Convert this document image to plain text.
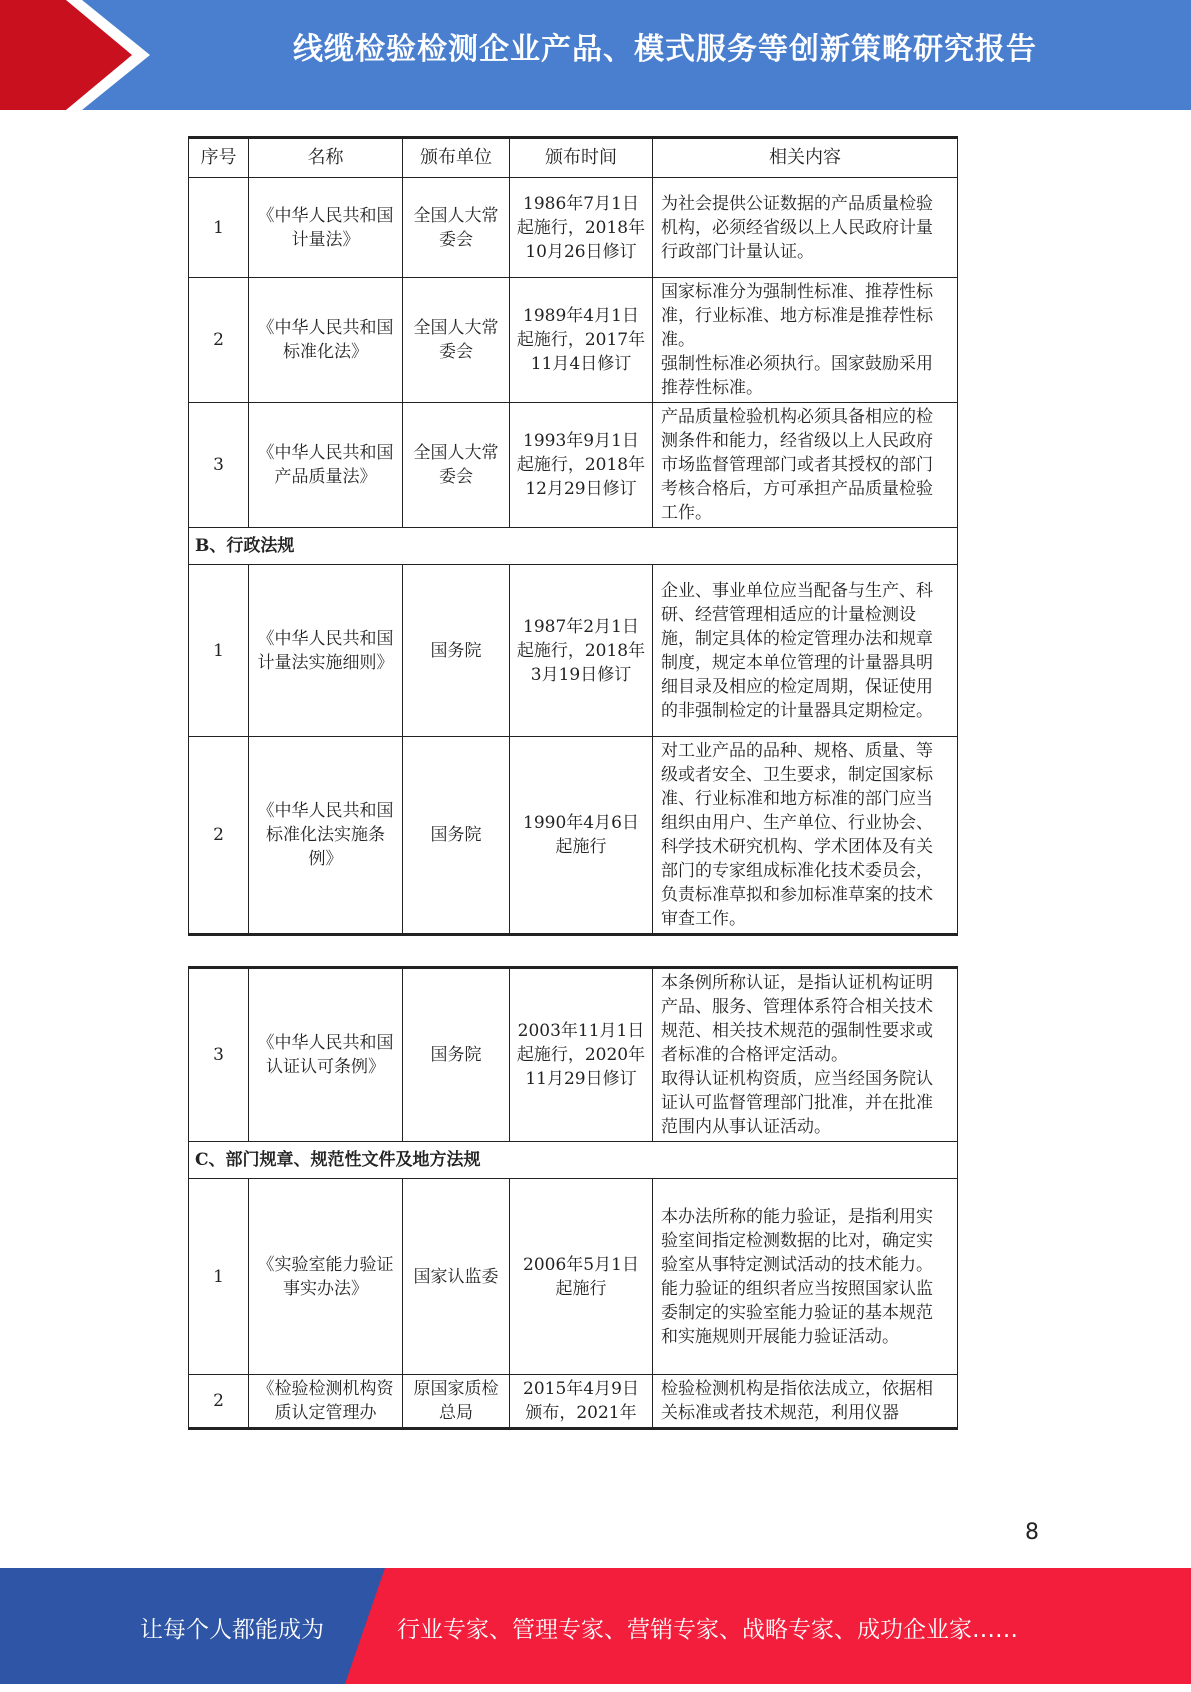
线缆检验检测企业产品、模式服务等创新策略研究报告
序号	名称	颁布单位	颁布时间	相关内容
1	《中华人民共和国计量法》	全国人大常委会	1986年7月1日起施行，2018年10月26日修订	为社会提供公证数据的产品质量检验机构，必须经省级以上人民政府计量行政部门计量认证。
2	《中华人民共和国标准化法》	全国人大常委会	1989年4月1日起施行，2017年11月4日修订	国家标准分为强制性标准、推荐性标准，行业标准、地方标准是推荐性标准。
强制性标准必须执行。国家鼓励采用推荐性标准。
3	《中华人民共和国产品质量法》	全国人大常委会	1993年9月1日起施行，2018年12月29日修订	产品质量检验机构必须具备相应的检测条件和能力，经省级以上人民政府市场监督管理部门或者其授权的部门考核合格后，方可承担产品质量检验工作。
B、行政法规				
1	《中华人民共和国计量法实施细则》	国务院	1987年2月1日起施行，2018年3月19日修订	企业、事业单位应当配备与生产、科研、经营管理相适应的计量检测设施，制定具体的检定管理办法和规章制度，规定本单位管理的计量器具明细目录及相应的检定周期，保证使用的非强制检定的计量器具定期检定。
2	《中华人民共和国标准化法实施条例》	国务院	1990年4月6日起施行	对工业产品的品种、规格、质量、等级或者安全、卫生要求，制定国家标准、行业标准和地方标准的部门应当组织由用户、生产单位、行业协会、科学技术研究机构、学术团体及有关部门的专家组成标准化技术委员会，负责标准草拟和参加标准草案的技术审查工作。
3	《中华人民共和国认证认可条例》	国务院	2003年11月1日起施行，2020年11月29日修订	本条例所称认证，是指认证机构证明产品、服务、管理体系符合相关技术规范、相关技术规范的强制性要求或者标准的合格评定活动。
取得认证机构资质，应当经国务院认证认可监督管理部门批准，并在批准范围内从事认证活动。
C、部门规章、规范性文件及地方法规				
1	《实验室能力验证事实办法》	国家认监委	2006年5月1日起施行	本办法所称的能力验证，是指利用实验室间指定检测数据的比对，确定实验室从事特定测试活动的技术能力。
能力验证的组织者应当按照国家认监委制定的实验室能力验证的基本规范和实施规则开展能力验证活动。
2	《检验检测机构资质认定管理办	原国家质检总局	2015年4月9日颁布，2021年	检验检测机构是指依法成立，依据相关标准或者技术规范，利用仪器
8
让每个人都能成为	行业专家、管理专家、营销专家、战略专家、成功企业家……
